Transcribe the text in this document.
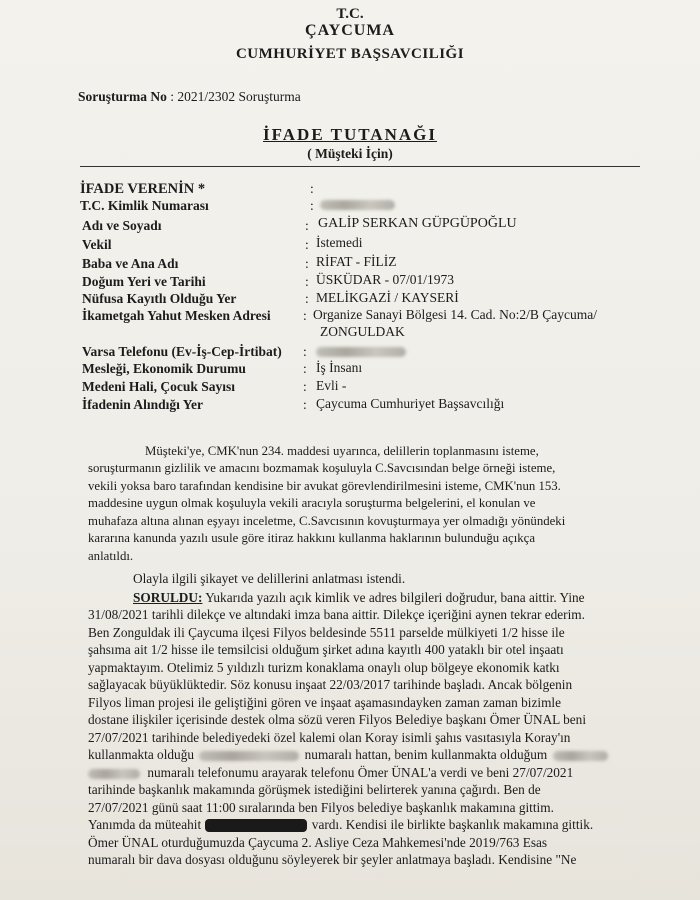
T.C.
ÇAYCUMA
CUMHURİYET BAŞSAVCILIĞI
Soruşturma No : 2021/2302 Soruşturma
İFADE TUTANAĞI
( Müşteki İçin)
İFADE VERENİN *
T.C. Kimlik Numarası
Adı ve Soyadı
Vekil
Baba ve Ana Adı
Doğum Yeri ve Tarihi
Nüfusa Kayıtlı Olduğu Yer
İkametgah Yahut Mesken Adresi
Varsa Telefonu (Ev-İş-Cep-İrtibat)
Mesleği, Ekonomik Durumu
Medeni Hali, Çocuk Sayısı
İfadenin Alındığı Yer
:
:
:
:
:
:
:
:
:
:
:
:
GALİP SERKAN GÜPGÜPOĞLU
İstemedi
RİFAT - FİLİZ
ÜSKÜDAR - 07/01/1973
MELİKGAZİ / KAYSERİ
Organize Sanayi Bölgesi 14. Cad. No:2/B Çaycuma/
ZONGULDAK
İş İnsanı
Evli -
Çaycuma Cumhuriyet Başsavcılığı
Müşteki'ye, CMK'nun 234. maddesi uyarınca, delillerin toplanmasını isteme,
soruşturmanın gizlilik ve amacını bozmamak koşuluyla C.Savcısından belge örneği isteme,
vekili yoksa baro tarafından kendisine bir avukat görevlendirilmesini isteme, CMK'nun 153.
maddesine uygun olmak koşuluyla vekili aracıyla soruşturma belgelerini, el konulan ve
muhafaza altına alınan eşyayı inceletme, C.Savcısının kovuşturmaya yer olmadığı yönündeki
kararına kanunda yazılı usule göre itiraz hakkını kullanma haklarının bulunduğu açıkça
anlatıldı.
Olayla ilgili şikayet ve delillerini anlatması istendi.
SORULDU: Yukarıda yazılı açık kimlik ve adres bilgileri doğrudur, bana aittir. Yine
31/08/2021 tarihli dilekçe ve altındaki imza bana aittir. Dilekçe içeriğini aynen tekrar ederim.
Ben Zonguldak ili Çaycuma ilçesi Filyos beldesinde 5511 parselde mülkiyeti 1/2 hisse ile
şahsıma ait 1/2 hisse ile temsilcisi olduğum şirket adına kayıtlı 400 yataklı bir otel inşaatı
yapmaktayım. Otelimiz 5 yıldızlı turizm konaklama onaylı olup bölgeye ekonomik katkı
sağlayacak büyüklüktedir. Söz konusu inşaat 22/03/2017 tarihinde başladı. Ancak bölgenin
Filyos liman projesi ile geliştiğini gören ve inşaat aşamasındayken zaman zaman bizimle
dostane ilişkiler içerisinde destek olma sözü veren Filyos Belediye başkanı Ömer ÜNAL beni
27/07/2021 tarihinde belediyedeki özel kalemi olan Koray isimli şahıs vasıtasıyla Koray'ın
kullanmakta olduğu	numaralı hattan, benim kullanmakta olduğum
numaralı telefonumu arayarak telefonu Ömer ÜNAL'a verdi ve beni 27/07/2021
tarihinde başkanlık makamında görüşmek istediğini belirterek yanına çağırdı. Ben de
27/07/2021 günü saat 11:00 sıralarında ben Filyos belediye başkanlık makamına gittim.
Yanımda da müteahit	vardı. Kendisi ile birlikte başkanlık makamına gittik.
Ömer ÜNAL oturduğumuzda Çaycuma 2. Asliye Ceza Mahkemesi'nde 2019/763 Esas
numaralı bir dava dosyası olduğunu söyleyerek bir şeyler anlatmaya başladı. Kendisine "Ne
